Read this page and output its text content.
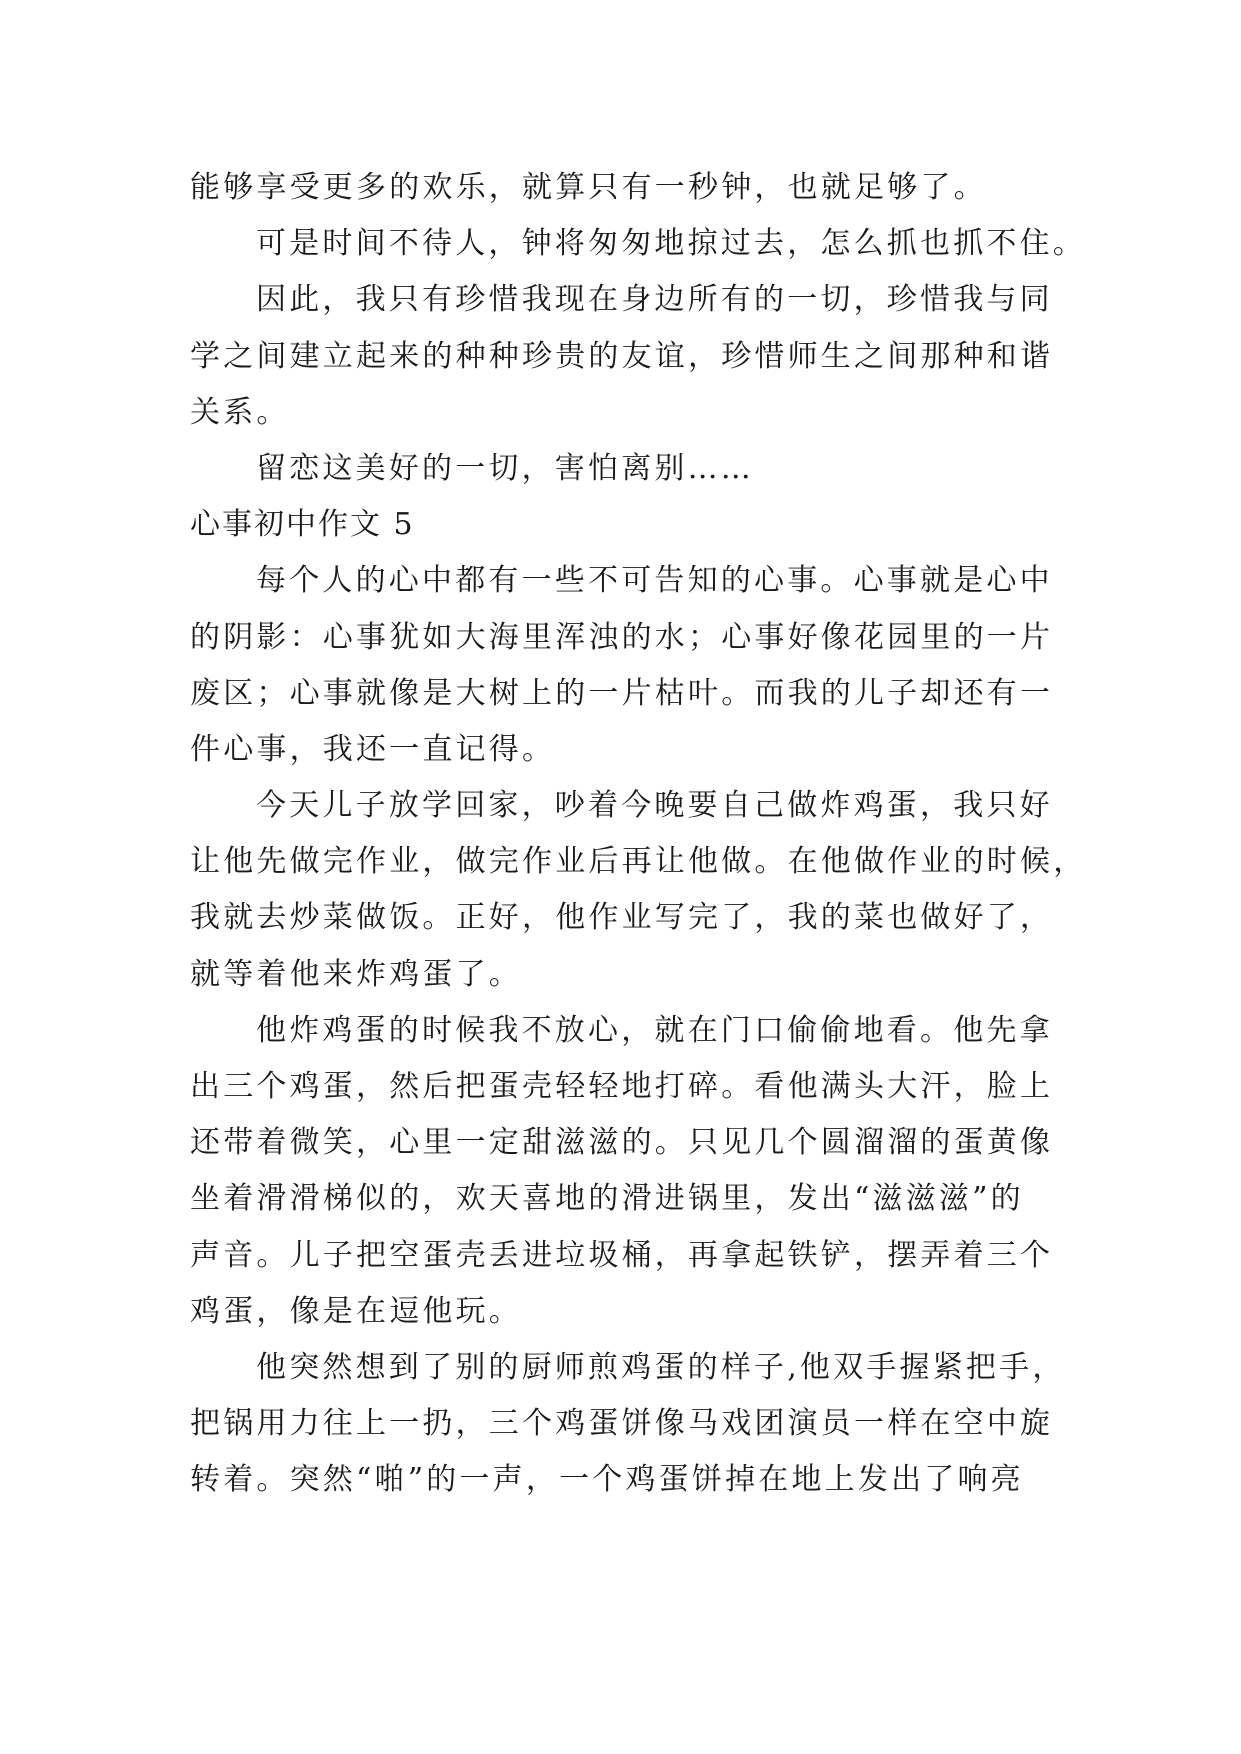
能够享受更多的欢乐，就算只有一秒钟，也就足够了。
可是时间不待人，钟将匆匆地掠过去，怎么抓也抓不住。
因此，我只有珍惜我现在身边所有的一切，珍惜我与同
学之间建立起来的种种珍贵的友谊，珍惜师生之间那种和谐
关系。
留恋这美好的一切，害怕离别……
心事初中作文 5
每个人的心中都有一些不可告知的心事。心事就是心中
的阴影：心事犹如大海里浑浊的水；心事好像花园里的一片
废区；心事就像是大树上的一片枯叶。而我的儿子却还有一
件心事，我还一直记得。
今天儿子放学回家，吵着今晚要自己做炸鸡蛋，我只好
让他先做完作业，做完作业后再让他做。在他做作业的时候，
我就去炒菜做饭。正好，他作业写完了，我的菜也做好了，
就等着他来炸鸡蛋了。
他炸鸡蛋的时候我不放心，就在门口偷偷地看。他先拿
出三个鸡蛋，然后把蛋壳轻轻地打碎。看他满头大汗，脸上
还带着微笑，心里一定甜滋滋的。只见几个圆溜溜的蛋黄像
坐着滑滑梯似的，欢天喜地的滑进锅里，发出“滋滋滋”的
声音。儿子把空蛋壳丢进垃圾桶，再拿起铁铲，摆弄着三个
鸡蛋，像是在逗他玩。
他突然想到了别的厨师煎鸡蛋的样子,他双手握紧把手，
把锅用力往上一扔，三个鸡蛋饼像马戏团演员一样在空中旋
转着。突然“啪”的一声，一个鸡蛋饼掉在地上发出了响亮
